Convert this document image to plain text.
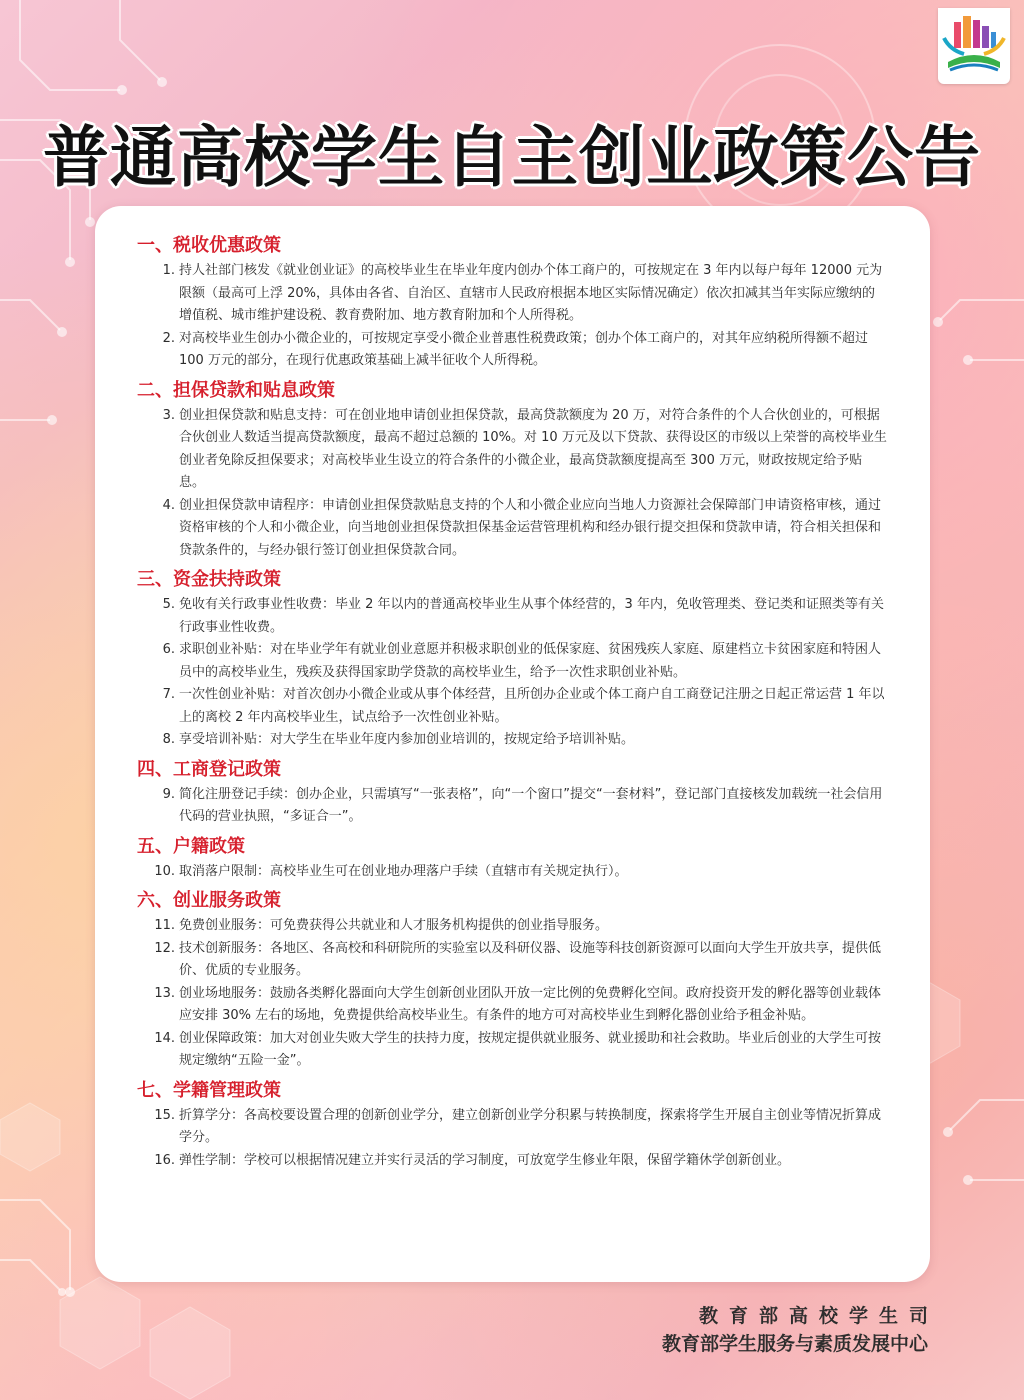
普通高校学生自主创业政策公告
一、税收优惠政策
1. 持人社部门核发《就业创业证》的高校毕业生在毕业年度内创办个体工商户的，可按规定在 3 年内以每户每年 12000 元为限额（最高可上浮 20%，具体由各省、自治区、直辖市人民政府根据本地区实际情况确定）依次扣减其当年实际应缴纳的增值税、城市维护建设税、教育费附加、地方教育附加和个人所得税。
2. 对高校毕业生创办小微企业的，可按规定享受小微企业普惠性税费政策；创办个体工商户的，对其年应纳税所得额不超过 100 万元的部分，在现行优惠政策基础上减半征收个人所得税。
二、担保贷款和贴息政策
3. 创业担保贷款和贴息支持：可在创业地申请创业担保贷款，最高贷款额度为 20 万，对符合条件的个人合伙创业的，可根据合伙创业人数适当提高贷款额度，最高不超过总额的 10%。对 10 万元及以下贷款、获得设区的市级以上荣誉的高校毕业生创业者免除反担保要求；对高校毕业生设立的符合条件的小微企业，最高贷款额度提高至 300 万元，财政按规定给予贴息。
4. 创业担保贷款申请程序：申请创业担保贷款贴息支持的个人和小微企业应向当地人力资源社会保障部门申请资格审核，通过资格审核的个人和小微企业，向当地创业担保贷款担保基金运营管理机构和经办银行提交担保和贷款申请，符合相关担保和贷款条件的，与经办银行签订创业担保贷款合同。
三、资金扶持政策
5. 免收有关行政事业性收费：毕业 2 年以内的普通高校毕业生从事个体经营的，3 年内，免收管理类、登记类和证照类等有关行政事业性收费。
6. 求职创业补贴：对在毕业学年有就业创业意愿并积极求职创业的低保家庭、贫困残疾人家庭、原建档立卡贫困家庭和特困人员中的高校毕业生，残疾及获得国家助学贷款的高校毕业生，给予一次性求职创业补贴。
7. 一次性创业补贴：对首次创办小微企业或从事个体经营，且所创办企业或个体工商户自工商登记注册之日起正常运营 1 年以上的离校 2 年内高校毕业生，试点给予一次性创业补贴。
8. 享受培训补贴：对大学生在毕业年度内参加创业培训的，按规定给予培训补贴。
四、工商登记政策
9. 简化注册登记手续：创办企业，只需填写“一张表格”，向“一个窗口”提交“一套材料”，登记部门直接核发加载统一社会信用代码的营业执照，“多证合一”。
五、户籍政策
10. 取消落户限制：高校毕业生可在创业地办理落户手续（直辖市有关规定执行）。
六、创业服务政策
11. 免费创业服务：可免费获得公共就业和人才服务机构提供的创业指导服务。
12. 技术创新服务：各地区、各高校和科研院所的实验室以及科研仪器、设施等科技创新资源可以面向大学生开放共享，提供低价、优质的专业服务。
13. 创业场地服务：鼓励各类孵化器面向大学生创新创业团队开放一定比例的免费孵化空间。政府投资开发的孵化器等创业载体应安排 30% 左右的场地，免费提供给高校毕业生。有条件的地方可对高校毕业生到孵化器创业给予租金补贴。
14. 创业保障政策：加大对创业失败大学生的扶持力度，按规定提供就业服务、就业援助和社会救助。毕业后创业的大学生可按规定缴纳“五险一金”。
七、学籍管理政策
15. 折算学分：各高校要设置合理的创新创业学分，建立创新创业学分积累与转换制度，探索将学生开展自主创业等情况折算成学分。
16. 弹性学制：学校可以根据情况建立并实行灵活的学习制度，可放宽学生修业年限，保留学籍休学创新创业。
教育部高校学生司
教育部学生服务与素质发展中心
